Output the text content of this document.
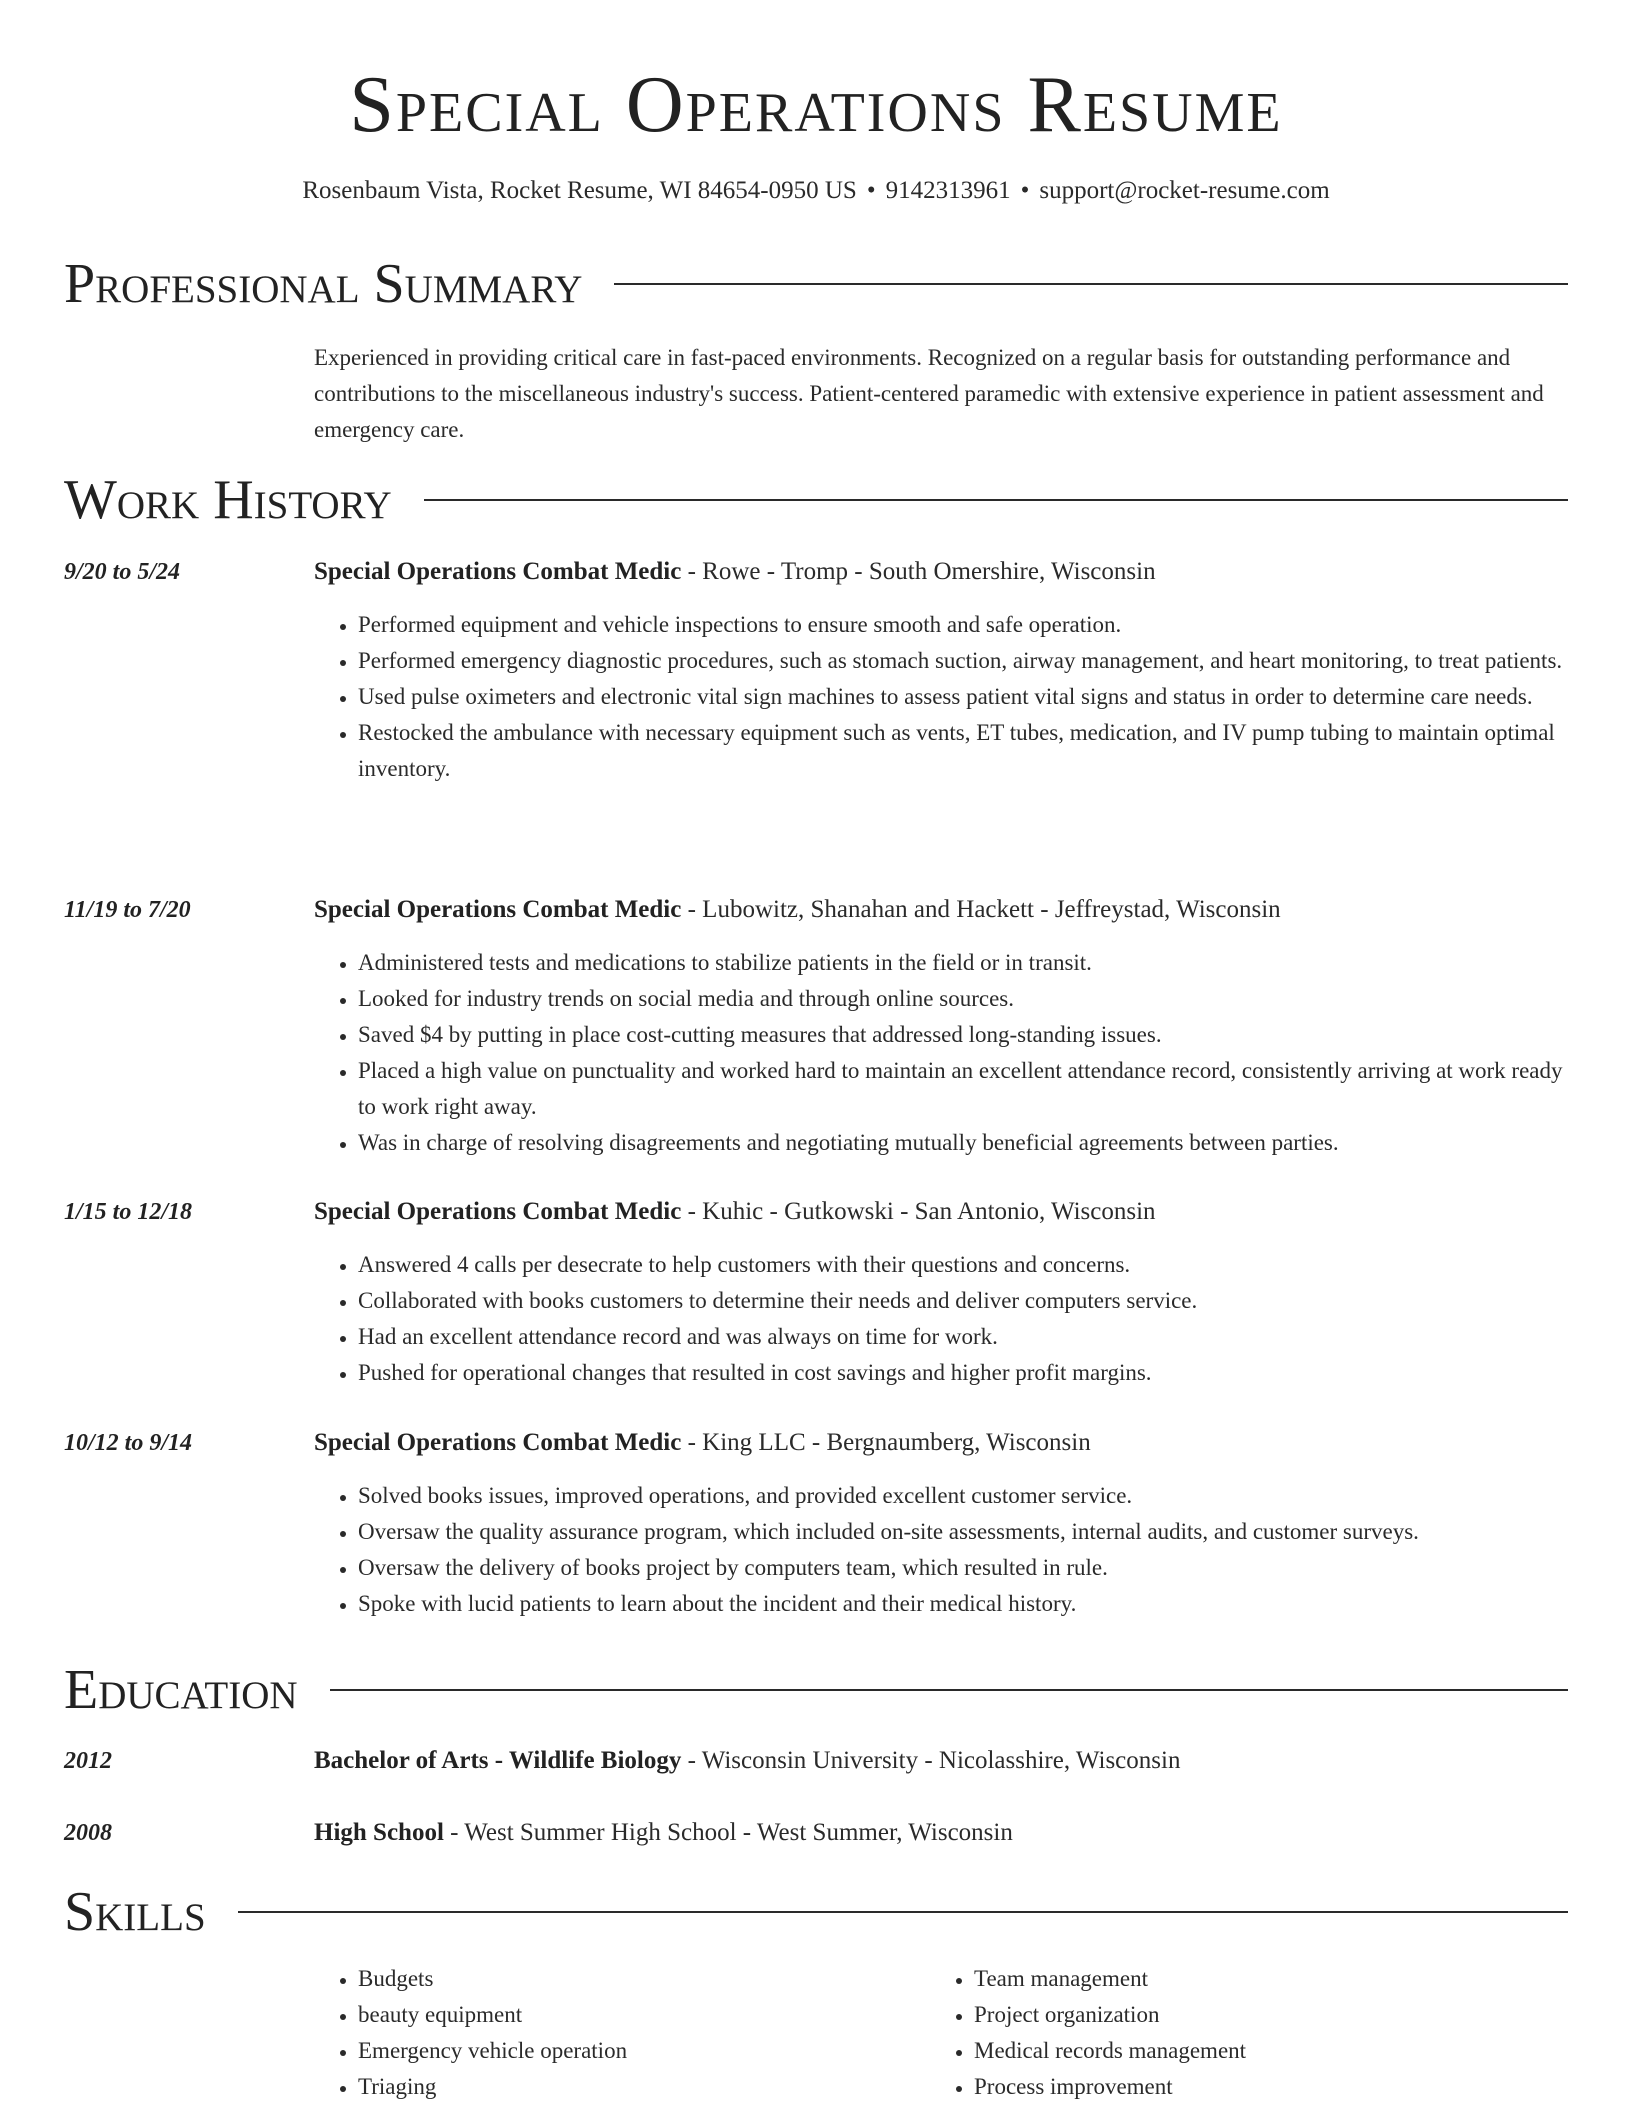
Special Operations Resume
Rosenbaum Vista, Rocket Resume, WI 84654-0950 US • 9142313961 • support@rocket-resume.com
Professional Summary
Experienced in providing critical care in fast-paced environments. Recognized on a regular basis for outstanding performance and contributions to the miscellaneous industry's success. Patient-centered paramedic with extensive experience in patient assessment and emergency care.
Work History
9/20 to 5/24	Special Operations Combat Medic - Rowe - Tromp - South Omershire, Wisconsin
• Performed equipment and vehicle inspections to ensure smooth and safe operation.
• Performed emergency diagnostic procedures, such as stomach suction, airway management, and heart monitoring, to treat patients.
• Used pulse oximeters and electronic vital sign machines to assess patient vital signs and status in order to determine care needs.
• Restocked the ambulance with necessary equipment such as vents, ET tubes, medication, and IV pump tubing to maintain optimal inventory.
11/19 to 7/20	Special Operations Combat Medic - Lubowitz, Shanahan and Hackett - Jeffreystad, Wisconsin
• Administered tests and medications to stabilize patients in the field or in transit.
• Looked for industry trends on social media and through online sources.
• Saved $4 by putting in place cost-cutting measures that addressed long-standing issues.
• Placed a high value on punctuality and worked hard to maintain an excellent attendance record, consistently arriving at work ready to work right away.
• Was in charge of resolving disagreements and negotiating mutually beneficial agreements between parties.
1/15 to 12/18	Special Operations Combat Medic - Kuhic - Gutkowski - San Antonio, Wisconsin
• Answered 4 calls per desecrate to help customers with their questions and concerns.
• Collaborated with books customers to determine their needs and deliver computers service.
• Had an excellent attendance record and was always on time for work.
• Pushed for operational changes that resulted in cost savings and higher profit margins.
10/12 to 9/14	Special Operations Combat Medic - King LLC - Bergnaumberg, Wisconsin
• Solved books issues, improved operations, and provided excellent customer service.
• Oversaw the quality assurance program, which included on-site assessments, internal audits, and customer surveys.
• Oversaw the delivery of books project by computers team, which resulted in rule.
• Spoke with lucid patients to learn about the incident and their medical history.
Education
2012	Bachelor of Arts - Wildlife Biology - Wisconsin University - Nicolasshire, Wisconsin
2008	High School - West Summer High School - West Summer, Wisconsin
Skills
• Budgets
• beauty equipment
• Emergency vehicle operation
• Triaging
• Team management
• Project organization
• Medical records management
• Process improvement
